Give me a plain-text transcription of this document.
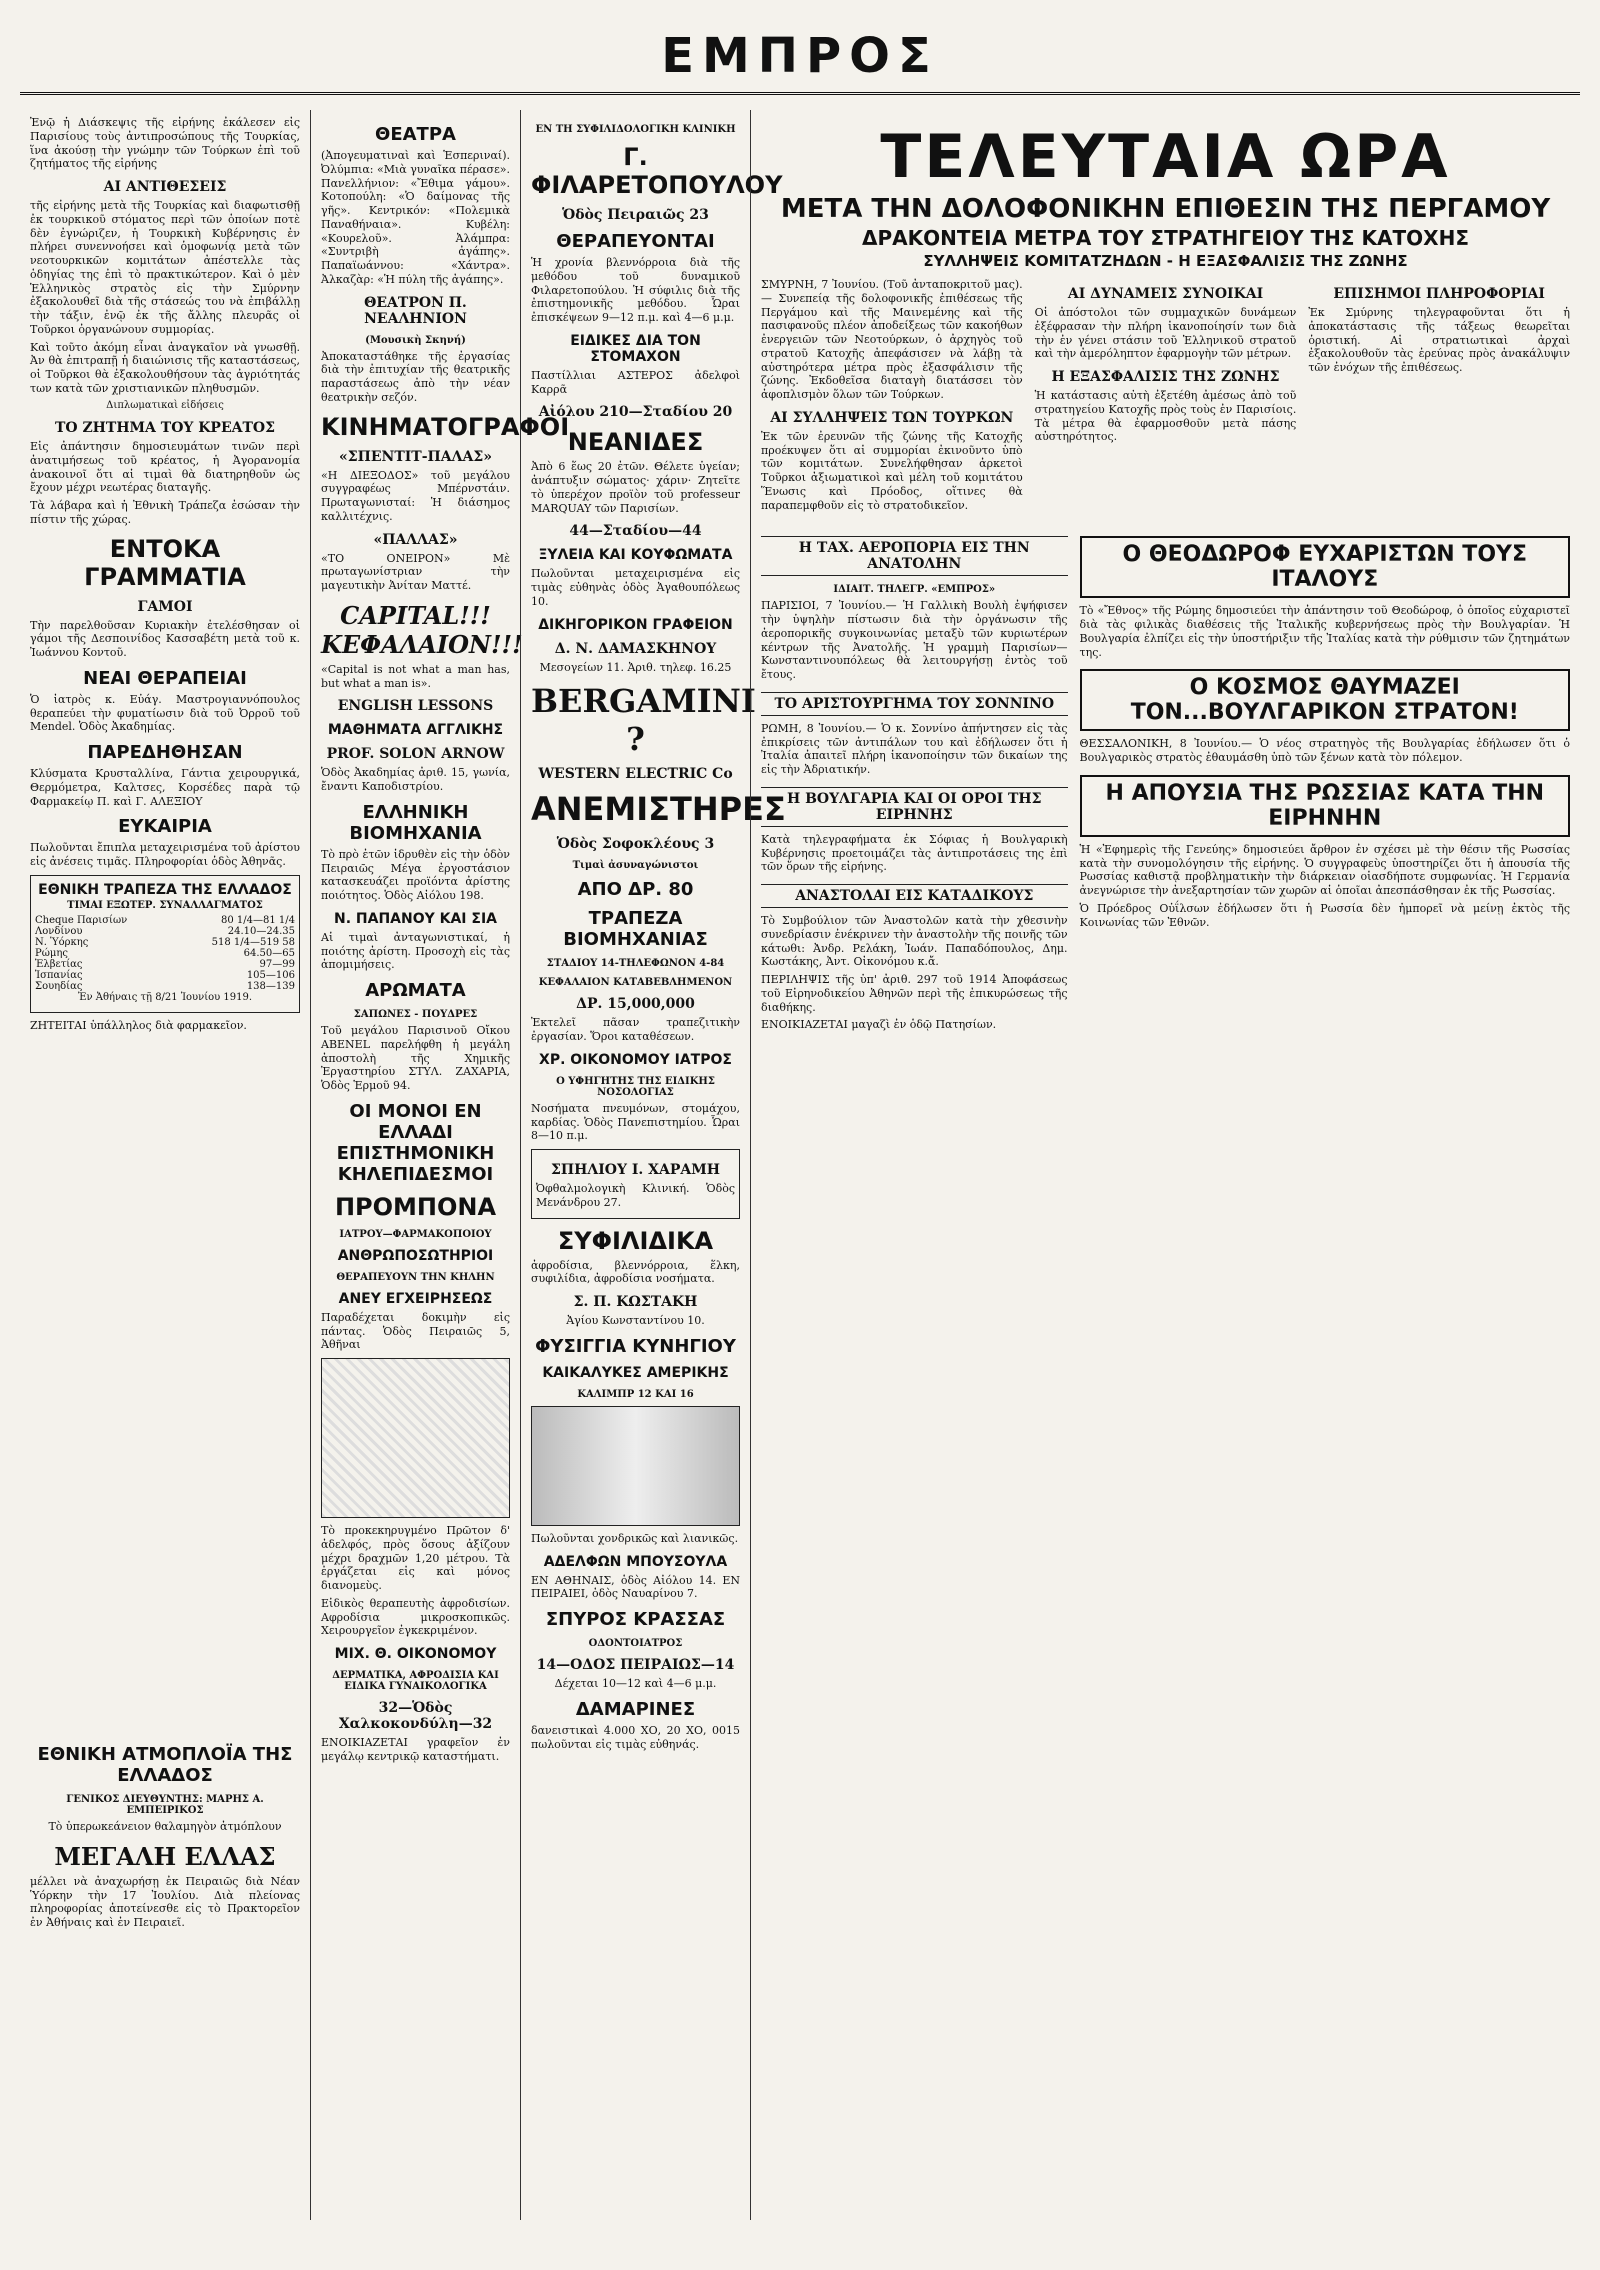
ΕΜΠΡΟΣ

Ἐνῷ ἡ Διάσκεψις τῆς εἰρήνης ἐκάλεσεν εἰς Παρισίους τοὺς ἀντιπροσώπους τῆς Τουρκίας, ἵνα ἀκούσῃ τὴν γνώμην τῶν Τούρκων ἐπὶ τοῦ ζητήματος τῆς εἰρήνης

ΑΙ ΑΝΤΙΘΕΣΕΙΣ

τῆς εἰρήνης μετὰ τῆς Τουρκίας καὶ διαφωτισθῇ ἐκ τουρκικοῦ στόματος περὶ τῶν ὁποίων ποτὲ δὲν ἐγνώριζεν, ἡ Τουρκικὴ Κυβέρνησις ἐν πλήρει συνεννοήσει καὶ ὁμοφωνίᾳ μετὰ τῶν νεοτουρκικῶν κομιτάτων ἀπέστελλε τὰς ὁδηγίας της ἐπὶ τὸ πρακτικώτερον. Καὶ ὁ μὲν Ἑλληνικὸς στρατὸς εἰς τὴν Σμύρνην ἐξακολουθεῖ διὰ τῆς στάσεώς του νὰ ἐπιβάλλῃ τὴν τάξιν, ἐνῷ ἐκ τῆς ἄλλης πλευρᾶς οἱ Τοῦρκοι ὀργανώνουν συμμορίας.

Καὶ τοῦτο ἀκόμη εἶναι ἀναγκαῖον νὰ γνωσθῇ. Ἀν θὰ ἐπιτραπῇ ἡ διαιώνισις τῆς καταστάσεως, οἱ Τοῦρκοι θὰ ἐξακολουθήσουν τὰς ἀγριότητάς των κατὰ τῶν χριστιανικῶν πληθυσμῶν.

Διπλωματικαὶ εἰδήσεις

ΤΟ ΖΗΤΗΜΑ ΤΟΥ ΚΡΕΑΤΟΣ

Εἰς ἀπάντησιν δημοσιευμάτων τινῶν περὶ ἀνατιμήσεως τοῦ κρέατος, ἡ Ἀγορανομία ἀνακοινοῖ ὅτι αἱ τιμαὶ θὰ διατηρηθοῦν ὡς ἔχουν μέχρι νεωτέρας διαταγῆς.

Τὰ λάβαρα καὶ ἡ Ἐθνικὴ Τράπεζα ἐσώσαν τὴν πίστιν τῆς χώρας.

ΕΝΤΟΚΑ ΓΡΑΜΜΑΤΙΑ
ΓΑΜΟΙ

Τὴν παρελθοῦσαν Κυριακὴν ἐτελέσθησαν οἱ γάμοι τῆς Δεσποινίδος Κασσαβέτη μετὰ τοῦ κ. Ἰωάννου Κοντοῦ.

ΝΕΑΙ ΘΕΡΑΠΕΙΑΙ

Ὁ ἰατρὸς κ. Εὐάγ. Μαστρογιαννόπουλος θεραπεύει τὴν φυματίωσιν διὰ τοῦ Ὀρροῦ τοῦ Mendel. Ὁδὸς Ἀκαδημίας.

ΠΑΡΕΔΗΘΗΣΑΝ

Κλύσματα Κρυσταλλίνα, Γάντια χειρουργικά, Θερμόμετρα, Καλτσες, Κορσέδες παρὰ τῷ Φαρμακείῳ Π. καὶ Γ. ΑΛΕΞΙΟΥ

ΕΥΚΑΙΡΙΑ

Πωλοῦνται ἔπιπλα μεταχειρισμένα τοῦ ἀρίστου εἰς ἀνέσεις τιμᾶς. Πληροφορίαι ὁδὸς Ἀθηνᾶς.

ΕΘΝΙΚΗ ΤΡΑΠΕΖΑ ΤΗΣ ΕΛΛΑΔΟΣ
ΤΙΜΑΙ ΕΞΩΤΕΡ. ΣΥΝΑΛΛΑΓΜΑΤΟΣ
Cheque Παρισίων	80 1/4—81 1/4
Λονδίνου	24.10—24.35
Ν. Ὑόρκης	518 1/4—519 58
Ρώμης	64.50—65
Ἑλβετίας	97—99
Ἱσπανίας	105—106
Σουηδίας	138—139

Ἐν Ἀθήναις τῇ 8/21 Ἰουνίου 1919.

ΖΗΤΕΙΤΑΙ ὑπάλληλος διὰ φαρμακεῖον.

ΕΘΝΙΚΗ ΑΤΜΟΠΛΟΪΑ ΤΗΣ ΕΛΛΑΔΟΣ
ΓΕΝΙΚΟΣ ΔΙΕΥΘΥΝΤΗΣ: ΜΑΡΗΣ Α. ΕΜΠΕΙΡΙΚΟΣ

Τὸ ὑπερωκεάνειον θαλαμηγὸν ἀτμόπλουν

ΜΕΓΑΛΗ ΕΛΛΑΣ

μέλλει νὰ ἀναχωρήσῃ ἐκ Πειραιῶς διὰ Νέαν Ὑόρκην τὴν 17 Ἰουλίου. Διὰ πλείονας πληροφορίας ἀποτείνεσθε εἰς τὸ Πρακτορεῖον ἐν Ἀθήναις καὶ ἐν Πειραιεῖ.

ΘΕΑΤΡΑ

(Ἀπογευματιναὶ καὶ Ἑσπεριναί). Ὀλύμπια: «Μιὰ γυναῖκα πέρασε». Πανελλήνιον: «Ἔθιμα γάμου». Κοτοπούλη: «Ὁ δαίμονας τῆς γῆς». Κεντρικόν: «Πολεμικὰ Παναθήναια». Κυβέλη: «Κουρελοῦ». Ἀλάμπρα: «Συντριβὴ ἀγάπης». Παπαϊωάννου: «Χάντρα». Ἀλκαζὰρ: «Ἡ πύλη τῆς ἀγάπης».

ΘΕΑΤΡΟΝ Π. ΝΕΑΛΗΝΙΟΝ
(Μουσικὴ Σκηνή)

Ἀποκαταστάθηκε τῆς ἐργασίας διὰ τὴν ἐπιτυχίαν τῆς θεατρικῆς παραστάσεως ἀπὸ τὴν νέαν θεατρικὴν σεζόν.

ΚΙΝΗΜΑΤΟΓΡΑΦΟΙ
«ΣΠΕΝΤΙΤ-ΠΑΛΑΣ»

«Η ΔΙΕΞΟΔΟΣ» τοῦ μεγάλου συγγραφέως Μπέρνστάιν. Πρωταγωνισταί: Ἡ διάσημος καλλιτέχνις.

«ΠΑΛΛΑΣ»

«ΤΟ ΟΝΕΙΡΟΝ» Μὲ πρωταγωνίστριαν τὴν μαγευτικὴν Ἀνίταν Ματτέ.

CAPITAL!!! ΚΕΦΑΛΑΙΟΝ!!!

«Capital is not what a man has, but what a man is».

ENGLISH LESSONS
ΜΑΘΗΜΑΤΑ ΑΓΓΛΙΚΗΣ
PROF. SOLON ARNOW

Ὁδὸς Ἀκαδημίας ἀριθ. 15, γωνία, ἔναντι Καποδιστρίου.

ΕΛΛΗΝΙΚΗ ΒΙΟΜΗΧΑΝΙΑ

Τὸ πρὸ ἐτῶν ἱδρυθὲν εἰς τὴν ὁδὸν Πειραιῶς Μέγα ἐργοστάσιον κατασκευάζει προϊόντα ἀρίστης ποιότητος. Ὁδὸς Αἰόλου 198.

Ν. ΠΑΠΑΝΟΥ ΚΑΙ ΣΙΑ

Αἱ τιμαὶ ἀνταγωνιστικαί, ἡ ποιότης ἀρίστη. Προσοχὴ εἰς τὰς ἀπομιμήσεις.

ΑΡΩΜΑΤΑ
ΣΑΠΩΝΕΣ - ΠΟΥΔΡΕΣ

Τοῦ μεγάλου Παρισινοῦ Οἴκου ABENEL παρελήφθη ἡ μεγάλη ἀποστολὴ τῆς Χημικῆς Ἐργαστηρίου ΣΤΥΛ. ΖΑΧΑΡΙΑ, Ὁδὸς Ἑρμοῦ 94.

ΟΙ ΜΟΝΟΙ ΕΝ ΕΛΛΑΔΙ ΕΠΙΣΤΗΜΟΝΙΚΗ ΚΗΛΕΠΙΔΕΣΜΟΙ
ΠΡΟΜΠΟΝΑ
ΙΑΤΡΟΥ—ΦΑΡΜΑΚΟΠΟΙΟΥ
ΑΝΘΡΩΠΟΣΩΤΗΡΙΟΙ
ΘΕΡΑΠΕΥΟΥΝ ΤΗΝ ΚΗΛΗΝ
ΑΝΕΥ ΕΓΧΕΙΡΗΣΕΩΣ

Παραδέχεται δοκιμὴν εἰς πάντας. Ὁδὸς Πειραιῶς 5, Ἀθῆναι

Τὸ προκεκηρυγμένο Πρῶτον δ' ἀδελφός, πρὸς ὅσους ἀξίζουν μέχρι δραχμῶν 1,20 μέτρου. Τὰ ἐργάζεται εἰς καὶ μόνος διανομεὺς.

Εἰδικὸς θεραπευτὴς ἀφροδισίων. Αφροδίσια μικροσκοπικῶς. Χειρουργεῖον ἐγκεκριμένον.

ΜΙΧ. Θ. ΟΙΚΟΝΟΜΟΥ
ΔΕΡΜΑΤΙΚΑ, ΑΦΡΟΔΙΣΙΑ ΚΑΙ ΕΙΔΙΚΑ ΓΥΝΑΙΚΟΛΟΓΙΚΑ
32—Ὁδὸς Χαλκοκονδύλη—32

ΕΝΟΙΚΙΑΖΕΤΑΙ γραφεῖον ἐν μεγάλῳ κεντρικῷ καταστήματι.

ΕΝ ΤΗ ΣΥΦΙΛΙΔΟΛΟΓΙΚΗ ΚΛΙΝΙΚΗ
Γ. ΦΙΛΑΡΕΤΟΠΟΥΛΟΥ
Ὁδὸς Πειραιῶς 23
ΘΕΡΑΠΕΥΟΝΤΑΙ

Ἡ χρονία βλεννόρροια διὰ τῆς μεθόδου τοῦ δυναμικοῦ Φιλαρετοπούλου. Ἡ σύφιλις διὰ τῆς ἐπιστημονικῆς μεθόδου. Ὧραι ἐπισκέψεων 9—12 π.μ. καὶ 4—6 μ.μ.

ΕΙΔΙΚΕΣ ΔΙΑ ΤΟΝ ΣΤΟΜΑΧΟΝ

Παστίλλιαι ΑΣΤΕΡΟΣ ἀδελφοὶ Καρρᾶ

Αἰόλου 210—Σταδίου 20
ΝΕΑΝΙΔΕΣ

Ἀπὸ 6 ἕως 20 ἐτῶν. Θέλετε ὑγείαν; ἀνάπτυξιν σώματος· χάριν· Ζητεῖτε τὸ ὑπερέχον προϊὸν τοῦ professeur MARQUAY τῶν Παρισίων.

44—Σταδίου—44
ΞΥΛΕΙΑ ΚΑΙ ΚΟΥΦΩΜΑΤΑ

Πωλοῦνται μεταχειρισμένα εἰς τιμὰς εὐθηνὰς ὁδὸς Ἀγαθουπόλεως 10.

ΔΙΚΗΓΟΡΙΚΟΝ ΓΡΑΦΕΙΟΝ
Δ. Ν. ΔΑΜΑΣΚΗΝΟΥ

Μεσογείων 11. Ἀριθ. τηλεφ. 16.25

BERGAMINI ?
WESTERN ELECTRIC Co
ΑΝΕΜΙΣΤΗΡΕΣ
Ὁδὸς Σοφοκλέους 3
Τιμαὶ ἀσυναγώνιστοι
ΑΠΟ ΔΡ. 80
ΤΡΑΠΕΖΑ ΒΙΟΜΗΧΑΝΙΑΣ
ΣΤΑΔΙΟΥ 14-ΤΗΛΕΦΩΝΟΝ 4-84
ΚΕΦΑΛΑΙΟΝ ΚΑΤΑΒΕΒΛΗΜΕΝΟΝ
ΔΡ. 15,000,000

Ἐκτελεῖ πᾶσαν τραπεζιτικὴν ἐργασίαν. Ὅροι καταθέσεων.

ΧΡ. ΟΙΚΟΝΟΜΟΥ ΙΑΤΡΟΣ
Ο ΥΦΗΓΗΤΗΣ ΤΗΣ ΕΙΔΙΚΗΣ ΝΟΣΟΛΟΓΙΑΣ

Νοσήματα πνευμόνων, στομάχου, καρδίας. Ὁδὸς Πανεπιστημίου. Ὧραι 8—10 π.μ.

ΣΠΗΛΙΟΥ Ι. ΧΑΡΑΜΗ

Ὀφθαλμολογικὴ Κλινική. Ὁδὸς Μενάνδρου 27.

ΣΥΦΙΛΙΔΙΚΑ

ἀφροδίσια, βλεννόρροια, ἕλκη, συφιλίδια, ἀφροδίσια νοσήματα.

Σ. Π. ΚΩΣΤΑΚΗ

Ἀγίου Κωνσταντίνου 10.

ΦΥΣΙΓΓΙΑ ΚΥΝΗΓΙΟΥ
ΚΑΙΚΑΛΥΚΕΣ ΑΜΕΡΙΚΗΣ
ΚΑΛΙΜΠΡ 12 ΚΑΙ 16

Πωλοῦνται χονδρικῶς καὶ λιανικῶς.

ΑΔΕΛΦΩΝ ΜΠΟΥΣΟΥΛΑ

ΕΝ ΑΘΗΝΑΙΣ, ὁδὸς Αἰόλου 14. ΕΝ ΠΕΙΡΑΙΕΙ, ὁδὸς Ναυαρίνου 7.

ΣΠΥΡΟΣ ΚΡΑΣΣΑΣ
ΟΔΟΝΤΟΙΑΤΡΟΣ
14—ΟΔΟΣ ΠΕΙΡΑΙΩΣ—14

Δέχεται 10—12 καὶ 4—6 μ.μ.

ΔΑΜΑΡΙΝΕΣ

δανειστικαὶ 4.000 ΧΟ, 20 ΧΟ, 0015 πωλοῦνται εἰς τιμὰς εὐθηνάς.

ΤΕΛΕΥΤΑΙΑ ΩΡΑ
ΜΕΤΑ ΤΗΝ ΔΟΛΟΦΟΝΙΚΗΝ ΕΠΙΘΕΣΙΝ ΤΗΣ ΠΕΡΓΑΜΟΥ
ΔΡΑΚΟΝΤΕΙΑ ΜΕΤΡΑ ΤΟΥ ΣΤΡΑΤΗΓΕΙΟΥ ΤΗΣ ΚΑΤΟΧΗΣ
ΣΥΛΛΗΨΕΙΣ ΚΟΜΙΤΑΤΖΗΔΩΝ - Η ΕΞΑΣΦΑΛΙΣΙΣ ΤΗΣ ΖΩΝΗΣ

ΣΜΥΡΝΗ, 7 Ἰουνίου. (Τοῦ ἀνταποκριτοῦ μας).— Συνεπείᾳ τῆς δολοφονικῆς ἐπιθέσεως τῆς Περγάμου καὶ τῆς Μαινεμένης καὶ τῆς πασιφανοῦς πλέον ἀποδείξεως τῶν κακοήθων ἐνεργειῶν τῶν Νεοτούρκων, ὁ ἀρχηγὸς τοῦ στρατοῦ Κατοχῆς ἀπεφάσισεν νὰ λάβῃ τὰ αὐστηρότερα μέτρα πρὸς ἐξασφάλισιν τῆς ζώνης. Ἐκδοθεῖσα διαταγὴ διατάσσει τὸν ἀφοπλισμὸν ὅλων τῶν Τούρκων.

ΑΙ ΣΥΛΛΗΨΕΙΣ ΤΩΝ ΤΟΥΡΚΩΝ

Ἐκ τῶν ἐρευνῶν τῆς ζώνης τῆς Κατοχῆς προέκυψεν ὅτι αἱ συμμορίαι ἐκινοῦντο ὑπὸ τῶν κομιτάτων. Συνελήφθησαν ἀρκετοὶ Τοῦρκοι ἀξιωματικοὶ καὶ μέλη τοῦ κομιτάτου Ἕνωσις καὶ Πρόοδος, οἵτινες θὰ παραπεμφθοῦν εἰς τὸ στρατοδικεῖον.

ΑΙ ΔΥΝΑΜΕΙΣ ΣΥΝΟΙΚΑΙ

Οἱ ἀπόστολοι τῶν συμμαχικῶν δυνάμεων ἐξέφρασαν τὴν πλήρη ἱκανοποίησίν των διὰ τὴν ἐν γένει στάσιν τοῦ Ἑλληνικοῦ στρατοῦ καὶ τὴν ἀμερόληπτον ἐφαρμογὴν τῶν μέτρων.

Η ΕΞΑΣΦΑΛΙΣΙΣ ΤΗΣ ΖΩΝΗΣ

Ἡ κατάστασις αὐτὴ ἐξετέθη ἀμέσως ἀπὸ τοῦ στρατηγείου Κατοχῆς πρὸς τοὺς ἐν Παρισίοις. Τὰ μέτρα θὰ ἐφαρμοσθοῦν μετὰ πάσης αὐστηρότητος.

ΕΠΙΣΗΜΟΙ ΠΛΗΡΟΦΟΡΙΑΙ

Ἐκ Σμύρνης τηλεγραφοῦνται ὅτι ἡ ἀποκατάστασις τῆς τάξεως θεωρεῖται ὁριστική. Αἱ στρατιωτικαὶ ἀρχαὶ ἐξακολουθοῦν τὰς ἐρεύνας πρὸς ἀνακάλυψιν τῶν ἐνόχων τῆς ἐπιθέσεως.

Η ΤΑΧ. ΑΕΡΟΠΟΡΙΑ ΕΙΣ ΤΗΝ ΑΝΑΤΟΛΗΝ
ΙΔΙΑΙΤ. ΤΗΛΕΓΡ. «ΕΜΠΡΟΣ»

ΠΑΡΙΣΙΟΙ, 7 Ἰουνίου.— Ἡ Γαλλικὴ Βουλὴ ἐψήφισεν τὴν ὑψηλὴν πίστωσιν διὰ τὴν ὀργάνωσιν τῆς ἀεροπορικῆς συγκοινωνίας μεταξὺ τῶν κυριωτέρων κέντρων τῆς Ἀνατολῆς. Ἡ γραμμὴ Παρισίων—Κωνσταντινουπόλεως θὰ λειτουργήσῃ ἐντὸς τοῦ ἔτους.

ΤΟ ΑΡΙΣΤΟΥΡΓΗΜΑ ΤΟΥ ΣΟΝΝΙΝΟ

ΡΩΜΗ, 8 Ἰουνίου.— Ὁ κ. Σοννίνο ἀπήντησεν εἰς τὰς ἐπικρίσεις τῶν ἀντιπάλων του καὶ ἐδήλωσεν ὅτι ἡ Ἰταλία ἀπαιτεῖ πλήρη ἱκανοποίησιν τῶν δικαίων της εἰς τὴν Ἀδριατικήν.

Η ΒΟΥΛΓΑΡΙΑ ΚΑΙ ΟΙ ΟΡΟΙ ΤΗΣ ΕΙΡΗΝΗΣ

Κατὰ τηλεγραφήματα ἐκ Σόφιας ἡ Βουλγαρικὴ Κυβέρνησις προετοιμάζει τὰς ἀντιπροτάσεις της ἐπὶ τῶν ὅρων τῆς εἰρήνης.

ΑΝΑΣΤΟΛΑΙ ΕΙΣ ΚΑΤΑΔΙΚΟΥΣ

Τὸ Συμβούλιον τῶν Ἀναστολῶν κατὰ τὴν χθεσινὴν συνεδρίασιν ἐνέκρινεν τὴν ἀναστολὴν τῆς ποινῆς τῶν κάτωθι: Ἀνδρ. Ρελάκη, Ἰωάν. Παπαδόπουλος, Δημ. Κωστάκης, Ἀντ. Οἰκονόμου κ.ἄ.

ΠΕΡΙΛΗΨΙΣ τῆς ὑπ' ἀριθ. 297 τοῦ 1914 Ἀποφάσεως τοῦ Εἰρηνοδικείου Ἀθηνῶν περὶ τῆς ἐπικυρώσεως τῆς διαθήκης.

ΕΝΟΙΚΙΑΖΕΤΑΙ μαγαζὶ ἐν ὁδῷ Πατησίων.

Ο ΘΕΟΔΩΡΟΦ ΕΥΧΑΡΙΣΤΩΝ ΤΟΥΣ ΙΤΑΛΟΥΣ

Τὸ «Ἔθνος» τῆς Ρώμης δημοσιεύει τὴν ἀπάντησιν τοῦ Θεοδώροφ, ὁ ὁποῖος εὐχαριστεῖ διὰ τὰς φιλικὰς διαθέσεις τῆς Ἰταλικῆς κυβερνήσεως πρὸς τὴν Βουλγαρίαν. Ἡ Βουλγαρία ἐλπίζει εἰς τὴν ὑποστήριξιν τῆς Ἰταλίας κατὰ τὴν ρύθμισιν τῶν ζητημάτων της.

Ο ΚΟΣΜΟΣ ΘΑΥΜΑΖΕΙ ΤΟΝ...ΒΟΥΛΓΑΡΙΚΟΝ ΣΤΡΑΤΟΝ!

ΘΕΣΣΑΛΟΝΙΚΗ, 8 Ἰουνίου.— Ὁ νέος στρατηγὸς τῆς Βουλγαρίας ἐδήλωσεν ὅτι ὁ Βουλγαρικὸς στρατὸς ἐθαυμάσθη ὑπὸ τῶν ξένων κατὰ τὸν πόλεμον.

Η ΑΠΟΥΣΙΑ ΤΗΣ ΡΩΣΣΙΑΣ ΚΑΤΑ ΤΗΝ ΕΙΡΗΝΗΝ

Ἡ «Ἐφημερὶς τῆς Γενεύης» δημοσιεύει ἄρθρον ἐν σχέσει μὲ τὴν θέσιν τῆς Ρωσσίας κατὰ τὴν συνομολόγησιν τῆς εἰρήνης. Ὁ συγγραφεὺς ὑποστηρίζει ὅτι ἡ ἀπουσία τῆς Ρωσσίας καθιστᾷ προβληματικὴν τὴν διάρκειαν οἱασδήποτε συμφωνίας. Ἡ Γερμανία ἀνεγνώρισε τὴν ἀνεξαρτησίαν τῶν χωρῶν αἱ ὁποῖαι ἀπεσπάσθησαν ἐκ τῆς Ρωσσίας.

Ὁ Πρόεδρος Οὐΐλσων ἐδήλωσεν ὅτι ἡ Ρωσσία δὲν ἠμπορεῖ νὰ μείνῃ ἐκτὸς τῆς Κοινωνίας τῶν Ἐθνῶν.
